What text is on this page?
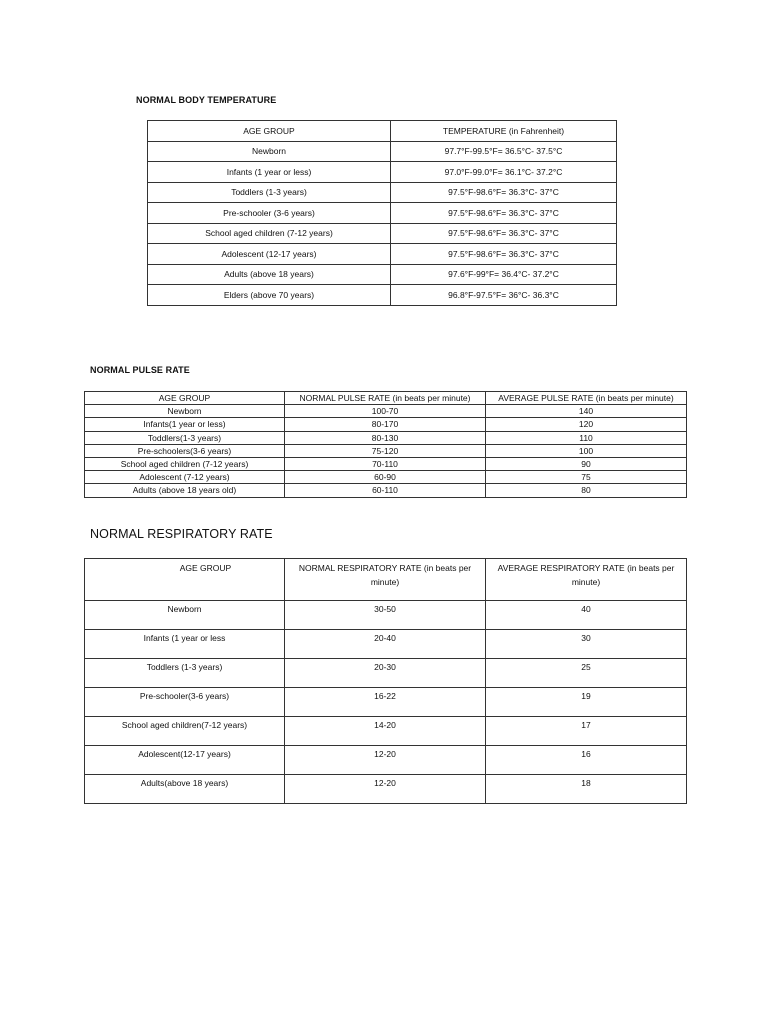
NORMAL BODY TEMPERATURE
AGE GROUP	TEMPERATURE (in Fahrenheit)
Newborn	97.7°F-99.5°F= 36.5°C- 37.5°C
Infants (1 year or less)	97.0°F-99.0°F= 36.1°C- 37.2°C
Toddlers (1-3 years)	97.5°F-98.6°F= 36.3°C- 37°C
Pre-schooler (3-6 years)	97.5°F-98.6°F= 36.3°C- 37°C
School aged children (7-12 years)	97.5°F-98.6°F= 36.3°C- 37°C
Adolescent (12-17 years)	97.5°F-98.6°F= 36.3°C- 37°C
Adults (above 18 years)	97.6°F-99°F= 36.4°C- 37.2°C
Elders (above 70 years)	96.8°F-97.5°F= 36°C- 36.3°C
NORMAL PULSE RATE
AGE GROUP	NORMAL PULSE RATE (in beats per minute)	AVERAGE PULSE RATE (in beats per minute)
Newborn	100-70	140
Infants(1 year or less)	80-170	120
Toddlers(1-3 years)	80-130	110
Pre-schoolers(3-6 years)	75-120	100
School aged children (7-12 years)	70-110	90
Adolescent (7-12 years)	60-90	75
Adults (above 18 years old)	60-110	80
NORMAL RESPIRATORY RATE
AGE GROUP	NORMAL RESPIRATORY RATE (in beats per minute)	AVERAGE RESPIRATORY RATE (in beats per minute)
Newborn	30-50	40
Infants (1 year or less	20-40	30
Toddlers (1-3 years)	20-30	25
Pre-schooler(3-6 years)	16-22	19
School aged children(7-12 years)	14-20	17
Adolescent(12-17 years)	12-20	16
Adults(above 18 years)	12-20	18
